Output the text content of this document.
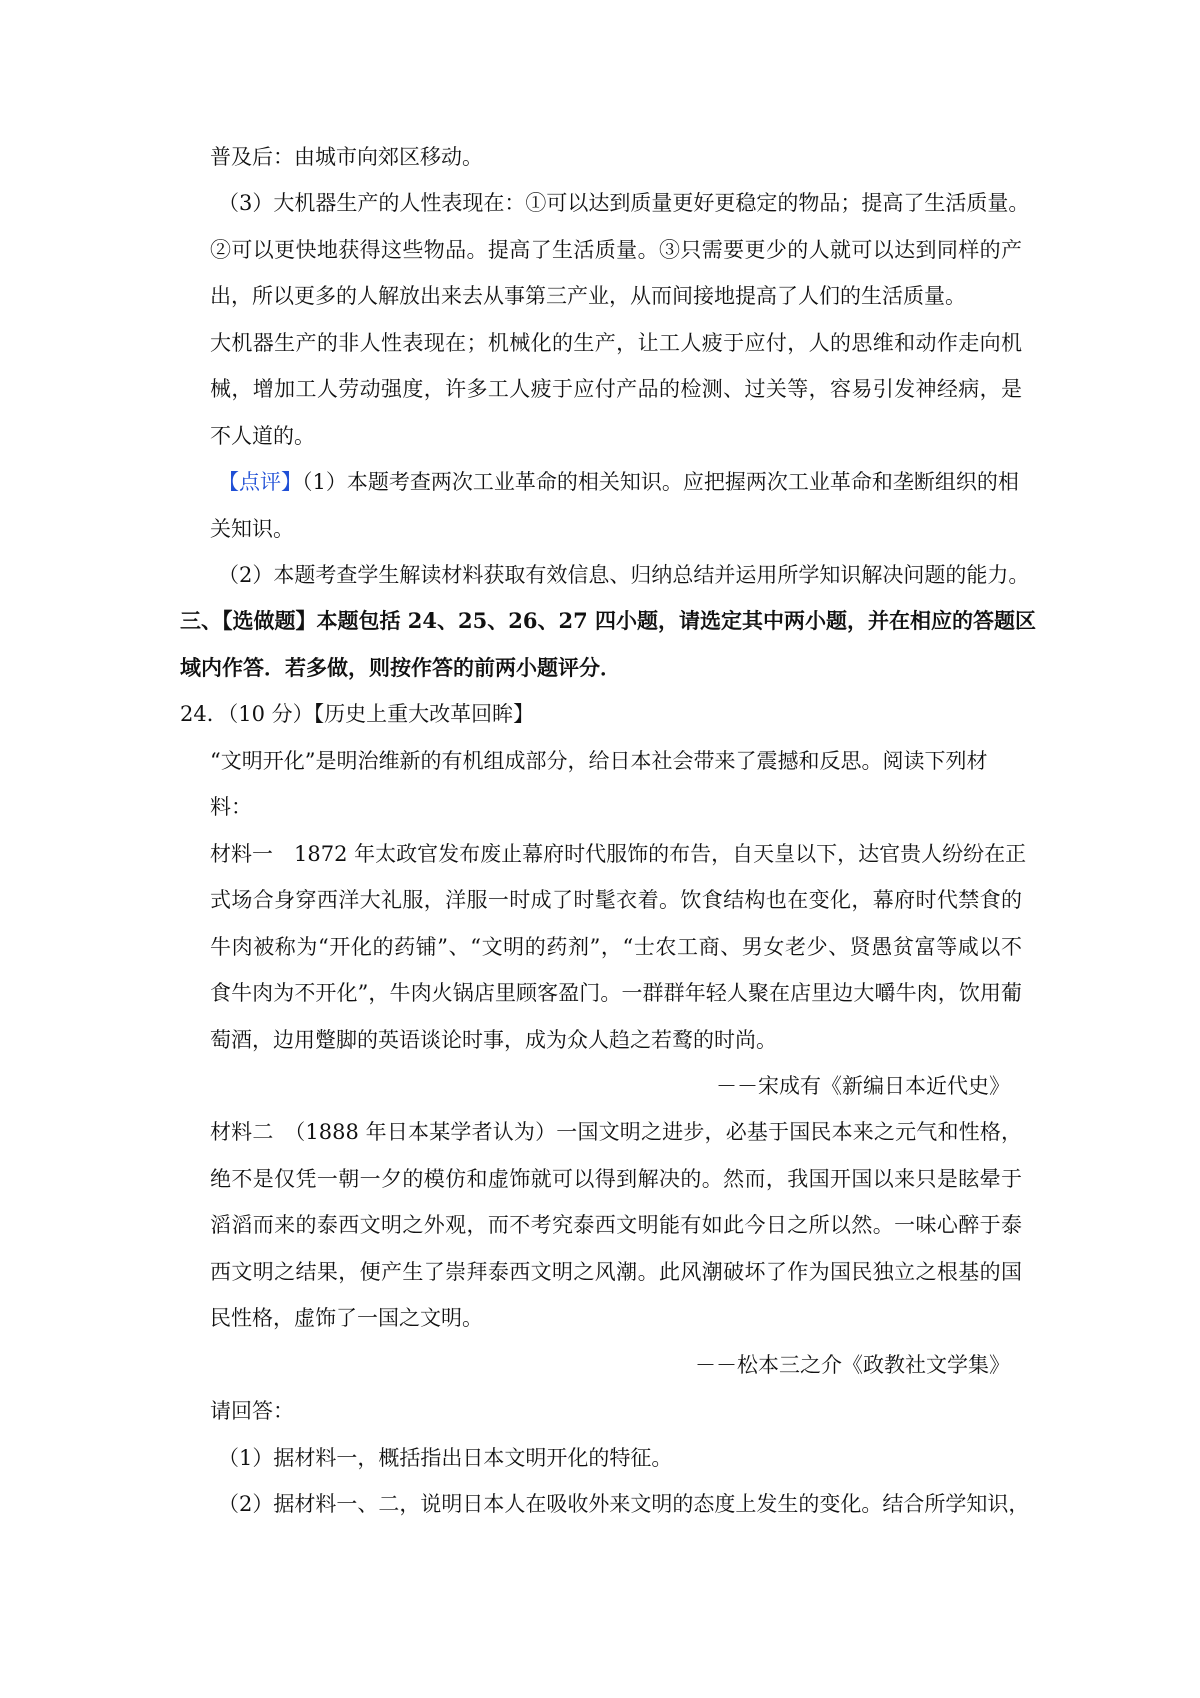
普及后：由城市向郊区移动。
（3）大机器生产的人性表现在：①可以达到质量更好更稳定的物品；提高了生活质量。
②可以更快地获得这些物品。提高了生活质量。③只需要更少的人就可以达到同样的产
出，所以更多的人解放出来去从事第三产业，从而间接地提高了人们的生活质量。
大机器生产的非人性表现在；机械化的生产，让工人疲于应付，人的思维和动作走向机
械，增加工人劳动强度，许多工人疲于应付产品的检测、过关等，容易引发神经病，是
不人道的。
【点评】（1）本题考查两次工业革命的相关知识。应把握两次工业革命和垄断组织的相
关知识。
（2）本题考查学生解读材料获取有效信息、归纳总结并运用所学知识解决问题的能力。
三、【选做题】本题包括 24、25、26、27 四小题，请选定其中两小题，并在相应的答题区
域内作答．若多做，则按作答的前两小题评分．
24．（10 分）【历史上重大改革回眸】
“文明开化”是明治维新的有机组成部分，给日本社会带来了震撼和反思。阅读下列材
料：
材料一　1872 年太政官发布废止幕府时代服饰的布告，自天皇以下，达官贵人纷纷在正
式场合身穿西洋大礼服，洋服一时成了时髦衣着。饮食结构也在变化，幕府时代禁食的
牛肉被称为“开化的药铺”、“文明的药剂”，“士农工商、男女老少、贤愚贫富等咸以不
食牛肉为不开化”，牛肉火锅店里顾客盈门。一群群年轻人聚在店里边大嚼牛肉，饮用葡
萄酒，边用蹩脚的英语谈论时事，成为众人趋之若鹜的时尚。
－－宋成有《新编日本近代史》
材料二　（1888 年日本某学者认为）一国文明之进步，必基于国民本来之元气和性格，
绝不是仅凭一朝一夕的模仿和虚饰就可以得到解决的。然而，我国开国以来只是眩晕于
滔滔而来的泰西文明之外观，而不考究泰西文明能有如此今日之所以然。一味心醉于泰
西文明之结果，便产生了崇拜泰西文明之风潮。此风潮破坏了作为国民独立之根基的国
民性格，虚饰了一国之文明。
－－松本三之介《政教社文学集》
请回答：
（1）据材料一，概括指出日本文明开化的特征。
（2）据材料一、二，说明日本人在吸收外来文明的态度上发生的变化。结合所学知识，
